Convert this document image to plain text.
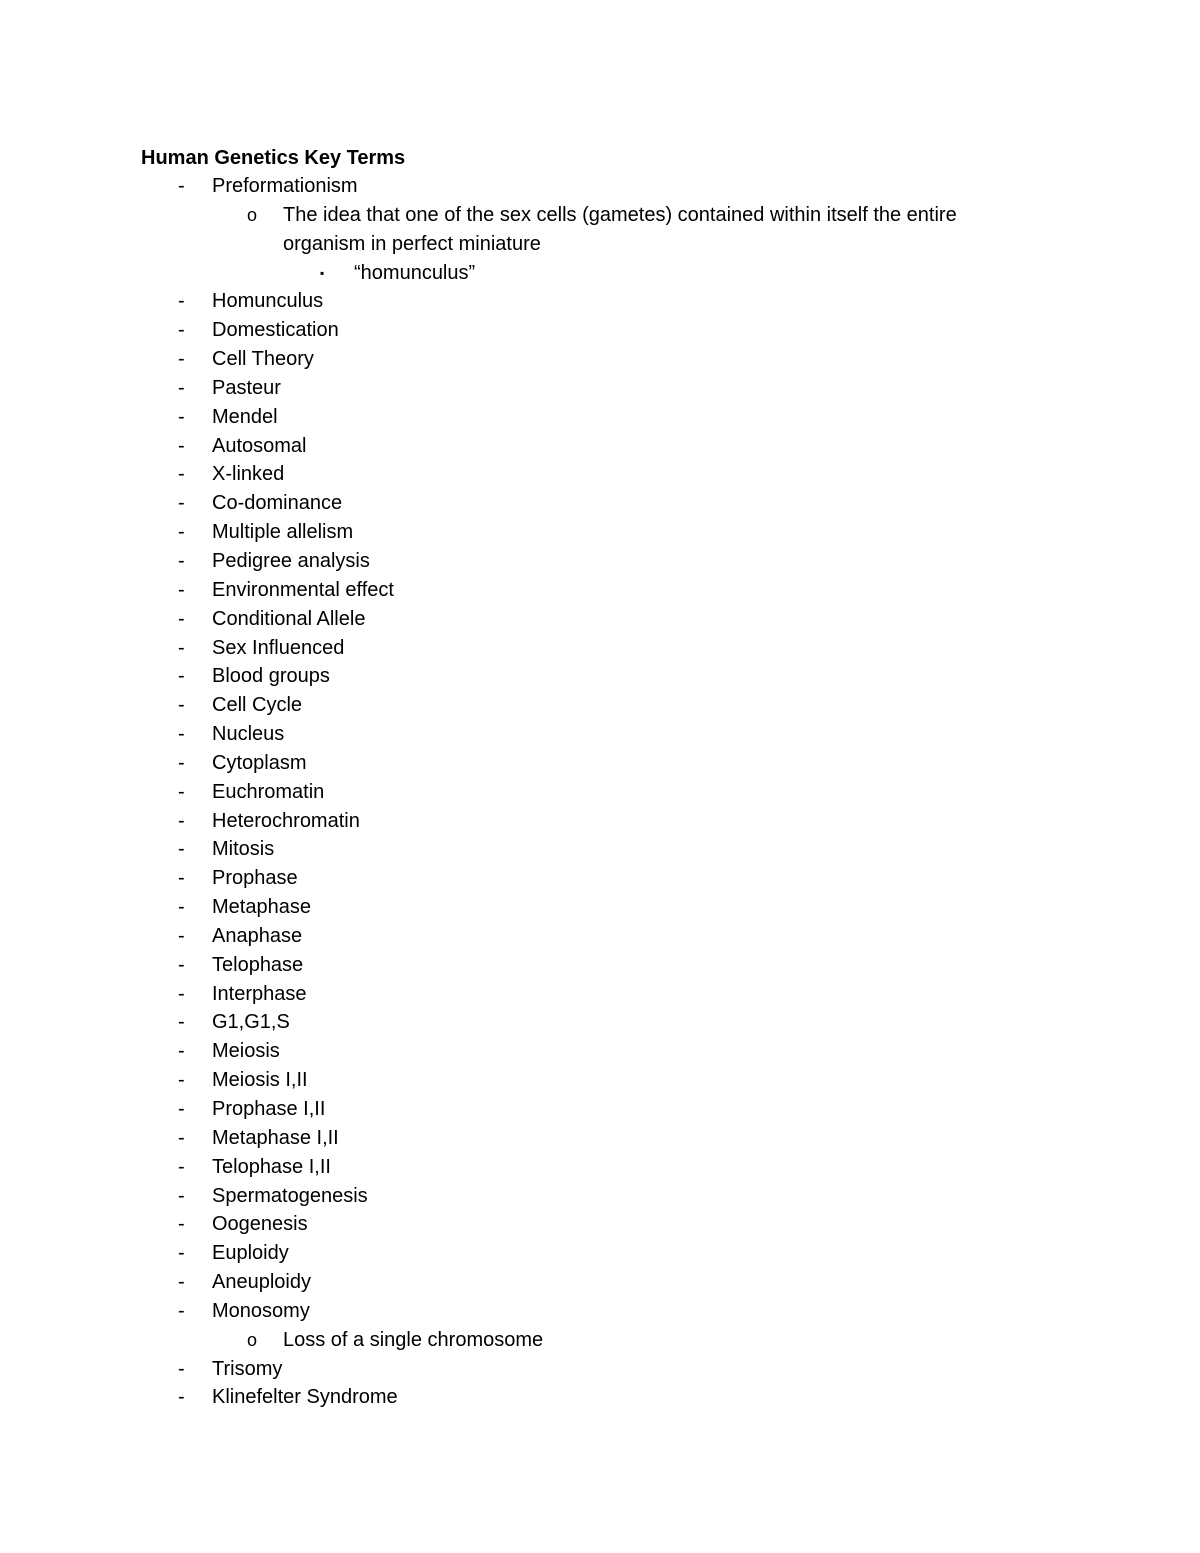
Human Genetics Key Terms
- Preformationism
o The idea that one of the sex cells (gametes) contained within itself the entire organism in perfect miniature
▪ “homunculus”
- Homunculus
- Domestication
- Cell Theory
- Pasteur
- Mendel
- Autosomal
- X-linked
- Co-dominance
- Multiple allelism
- Pedigree analysis
- Environmental effect
- Conditional Allele
- Sex Influenced
- Blood groups
- Cell Cycle
- Nucleus
- Cytoplasm
- Euchromatin
- Heterochromatin
- Mitosis
- Prophase
- Metaphase
- Anaphase
- Telophase
- Interphase
- G1,G1,S
- Meiosis
- Meiosis I,II
- Prophase I,II
- Metaphase I,II
- Telophase I,II
- Spermatogenesis
- Oogenesis
- Euploidy
- Aneuploidy
- Monosomy
o Loss of a single chromosome
- Trisomy
- Klinefelter Syndrome
